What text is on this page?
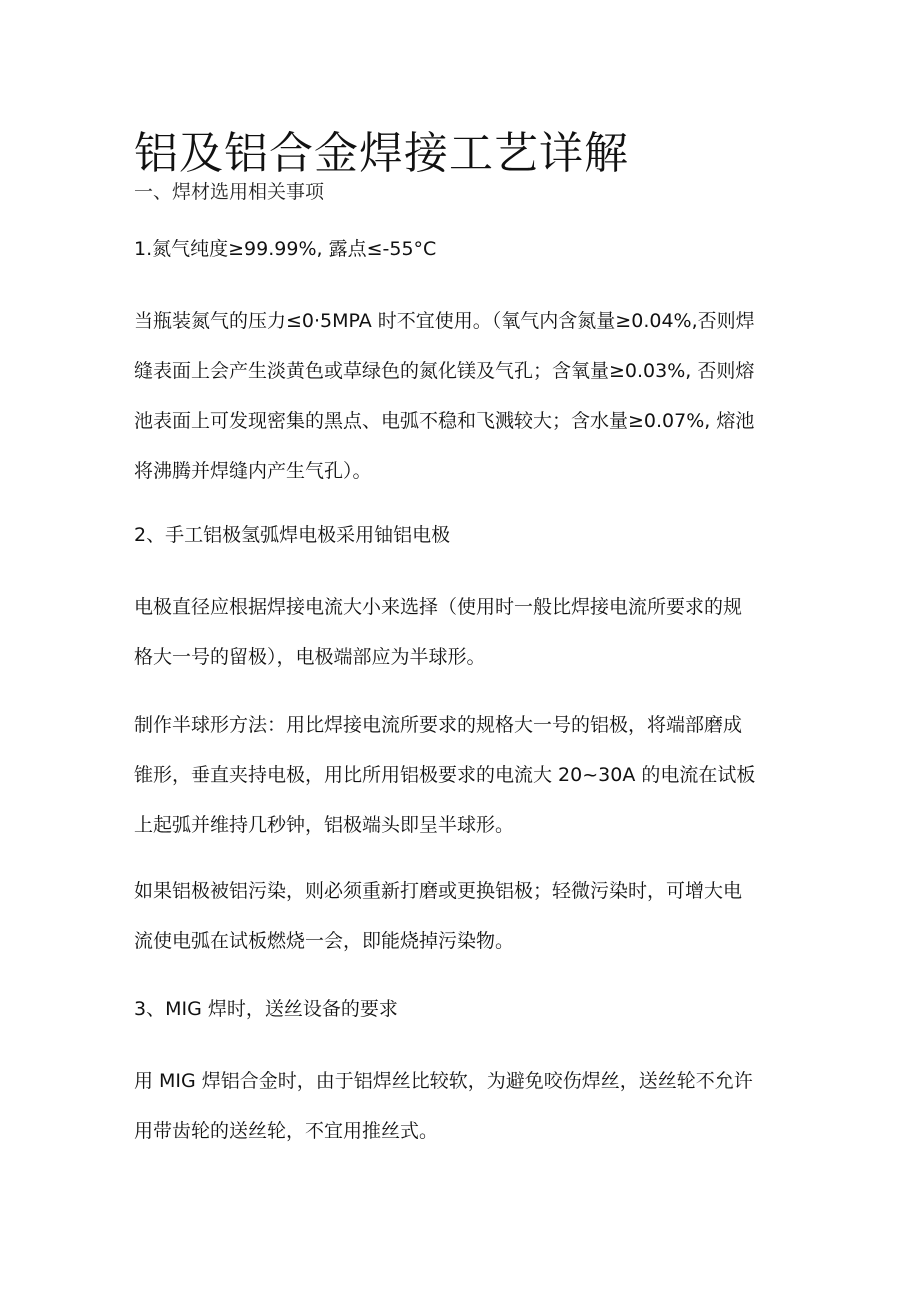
铝及铝合金焊接工艺详解
一、焊材选用相关事项

1.氮气纯度≥99.99%, 露点≤-55°C

当瓶装氮气的压力≤0·5MPA 时不宜使用。（氧气内含氮量≥0.04%,否则焊
缝表面上会产生淡黄色或草绿色的氮化镁及气孔；含氧量≥0.03%, 否则熔
池表面上可发现密集的黑点、电弧不稳和飞溅较大；含水量≥0.07%, 熔池
将沸腾并焊缝内产生气孔）。

2、手工铝极氢弧焊电极采用铀铝电极

电极直径应根据焊接电流大小来选择（使用时一般比焊接电流所要求的规
格大一号的留极），电极端部应为半球形。

制作半球形方法：用比焊接电流所要求的规格大一号的铝极，将端部磨成
锥形，垂直夹持电极，用比所用铝极要求的电流大 20~30A 的电流在试板
上起弧并维持几秒钟，铝极端头即呈半球形。

如果铝极被铝污染，则必须重新打磨或更换铝极；轻微污染时，可增大电
流使电弧在试板燃烧一会，即能烧掉污染物。

3、MIG 焊时，送丝设备的要求

用 MIG 焊铝合金时，由于铝焊丝比较软，为避免咬伤焊丝，送丝轮不允许
用带齿轮的送丝轮，不宜用推丝式。
